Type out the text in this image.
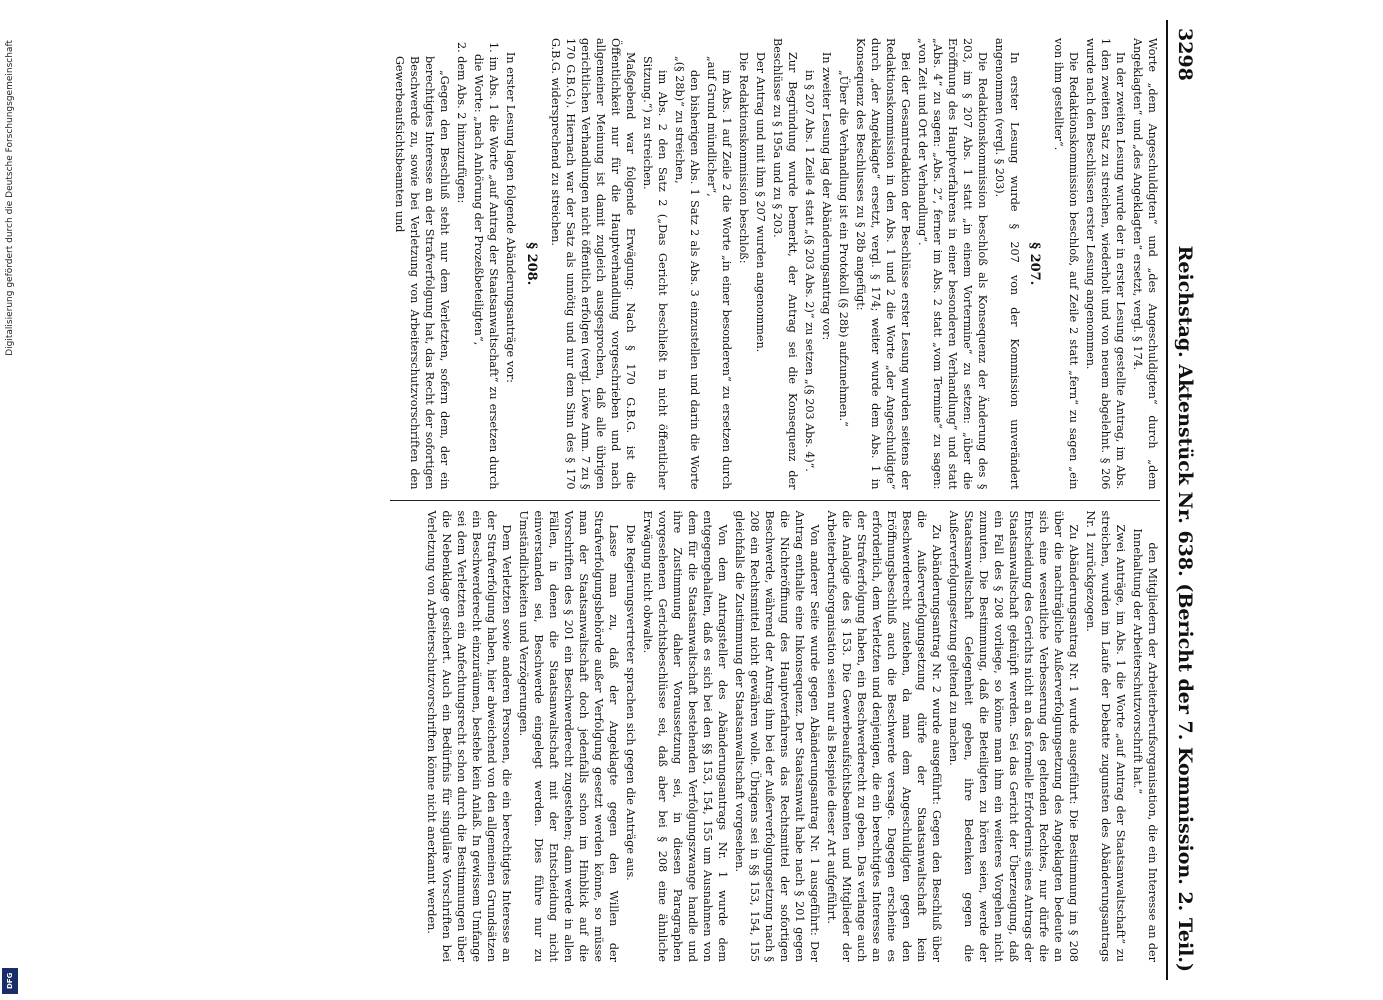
Digitalisierung gefördert durch die Deutsche Forschungsgemeinschaft
DFG
3298
Reichstag. Aktenstück Nr. 638. (Bericht der 7. Kommission. 2. Teil.)

Worte „dem Angeschuldigten“ und „des Angeschuldigten“ durch „dem Angeklagten“ und „des Angeklagten“ ersetzt, vergl. § 174.

In der zweiten Lesung wurde der in erster Lesung gestellte Antrag, im Abs. 1 den zweiten Satz zu streichen, wiederholt und von neuem abgelehnt. § 206 wurde nach den Beschlüssen erster Lesung angenommen.

Die Redaktionskommission beschloß, auf Zeile 2 statt „fern“ zu sagen „ein von ihm gestellter“.

§ 207.

In erster Lesung wurde § 207 von der Kommission unverändert angenommen (vergl. § 203).

Die Redaktionskommission beschloß als Konsequenz der Änderung des § 203, im § 207 Abs. 1 statt „in einem Vortermine“ zu setzen: „über die Eröffnung des Hauptverfahrens in einer besonderen Verhandlung“ und statt „Abs. 4“ zu sagen: „Abs. 2“, ferner im Abs. 2 statt „vom Termine“ zu sagen: „von Zeit und Ort der Verhandlung“.

Bei der Gesamtredaktion der Beschlüsse erster Lesung wurden seitens der Redaktionskommission in den Abs. 1 und 2 die Worte „der Angeschuldigte“ durch „der Angeklagte“ ersetzt, vergl. § 174; weiter wurde dem Abs. 1 in Konsequenz des Beschlusses zu § 28b angefügt:

„Über die Verhandlung ist ein Protokoll (§ 28b) aufzunehmen.“

In zweiter Lesung lag der Abänderungsantrag vor:

in § 207 Abs. 1 Zeile 4 statt „(§ 203 Abs. 2)“ zu setzen „(§ 203 Abs. 4)“.

Zur Begründung wurde bemerkt, der Antrag sei die Konsequenz der Beschlüsse zu § 195a und zu § 203.

Der Antrag und mit ihm § 207 wurden angenommen.

Die Redaktionskommission beschloß:

im Abs. 1 auf Zeile 2 die Worte „in einer besonderen“ zu ersetzen durch „auf Grund mündlicher“,

den bisherigen Abs. 1 Satz 2 als Abs. 3 einzustellen und darin die Worte „(§ 28b)“ zu streichen,

im Abs. 2 den Satz 2 („Das Gericht beschließt in nicht öffentlicher Sitzung.“) zu streichen.

Maßgebend war folgende Erwägung: Nach § 170 G.B.G. ist die Öffentlichkeit nur für die Hauptverhandlung vorgeschrieben und nach allgemeiner Meinung ist damit zugleich ausgesprochen, daß alle übrigen gerichtlichen Verhandlungen nicht öffentlich erfolgen (vergl. Löwe Anm. 7 zu § 170 G.B.G.). Hiernach war der Satz als unnötig und nur dem Sinn des § 170 G.B.G. widersprechend zu streichen.

§ 208.

In erster Lesung lagen folgende Abänderungsanträge vor:

1. im Abs. 1 die Worte „auf Antrag der Staatsanwaltschaft“ zu ersetzen durch die Worte: „nach Anhörung der Prozeßbeteiligten“,

2. dem Abs. 2 hinzuzufügen:

„Gegen den Beschluß steht nur dem Verletzten, sofern dem, der ein berechtigtes Interesse an der Strafverfolgung hat, das Recht der sofortigen Beschwerde zu, sowie bei Verletzung von Arbeiterschutzvorschriften den Gewerbeaufsichtsbeamten und

den Mitgliedern der Arbeiterberufsorganisation, die ein Interesse an der Innehaltung der Arbeiterschutzvorschrift hat.“

Zwei Anträge, im Abs. 1 die Worte „auf Antrag der Staatsanwaltschaft“ zu streichen, wurden im Laufe der Debatte zugunsten des Abänderungsantrags Nr. 1 zurückgezogen.

Zu Abänderungsantrag Nr. 1 wurde ausgeführt: Die Bestimmung im § 208 über die nachträgliche Außerverfolgungsetzung des Angeklagten bedeute an sich eine wesentliche Verbesserung des geltenden Rechtes, nur dürfe die Entscheidung des Gerichts nicht an das formelle Erfordernis eines Antrags der Staatsanwaltschaft geknüpft werden. Sei das Gericht der Überzeugung, daß ein Fall des § 208 vorliege, so könne man ihm ein weiteres Vorgehen nicht zumuten. Die Bestimmung, daß die Beteiligten zu hören seien, werde der Staatsanwaltschaft Gelegenheit geben, ihre Bedenken gegen die Außerverfolgungsetzung geltend zu machen.

Zu Abänderungsantrag Nr. 2 wurde ausgeführt: Gegen den Beschluß über die Außerverfolgungsetzung dürfe der Staatsanwaltschaft kein Beschwerderecht zustehen, da man dem Angeschuldigten gegen den Eröffnungsbeschluß auch die Beschwerde versage. Dagegen erscheine es erforderlich, dem Verletzten und denjenigen, die ein berechtigtes Interesse an der Strafverfolgung haben, ein Beschwerderecht zu geben. Das verlange auch die Analogie des § 153. Die Gewerbeaufsichtsbeamten und Mitglieder der Arbeiterberufsorganisation seien nur als Beispiele dieser Art aufgeführt.

Von anderer Seite wurde gegen Abänderungsantrag Nr. 1 ausgeführt: Der Antrag enthalte eine Inkonsequenz. Der Staatsanwalt habe nach § 201 gegen die Nichteröffnung des Hauptverfahrens das Rechtsmittel der sofortigen Beschwerde, während der Antrag ihm bei der Außerverfolgungsetzung nach § 208 ein Rechtsmittel nicht gewähren wolle. Übrigens sei in §§ 153, 154, 155 gleichfalls die Zustimmung der Staatsanwaltschaft vorgesehen.

Von dem Antragsteller des Abänderungsantrags Nr. 1 wurde dem entgegengehalten, daß es sich bei den §§ 153, 154, 155 um Ausnahmen von dem für die Staatsanwaltschaft bestehenden Verfolgungszwange handle und ihre Zustimmung daher Voraussetzung sei, in diesen Paragraphen vorgesehenen Gerichtsbeschlüsse sei, daß aber bei § 208 eine ähnliche Erwägung nicht obwalte.

Die Regierungsvertreter sprachen sich gegen die Anträge aus.

Lasse man zu, daß der Angeklagte gegen den Willen der Strafverfolgungsbehörde außer Verfolgung gesetzt werden könne, so müsse man der Staatsanwaltschaft doch jedenfalls schon im Hinblick auf die Vorschriften des § 201 ein Beschwerderecht zugestehen; dann werde in allen Fällen, in denen die Staatsanwaltschaft mit der Entscheidung nicht einverstanden sei, Beschwerde eingelegt werden. Dies führe nur zu Umständlichkeiten und Verzögerungen.

Dem Verletzten sowie anderen Personen, die ein berechtigtes Interesse an der Strafverfolgung haben, hier abweichend von den allgemeinen Grundsätzen ein Beschwerderecht einzuräumen, bestehe kein Anlaß. In gewissem Umfange sei dem Verletzten ein Anfechtungsrecht schon durch die Bestimmungen über die Nebenklage gesichert. Auch ein Bedürfnis für singuläre Vorschriften bei Verletzung von Arbeiterschutzvorschriften könne nicht anerkannt werden.
